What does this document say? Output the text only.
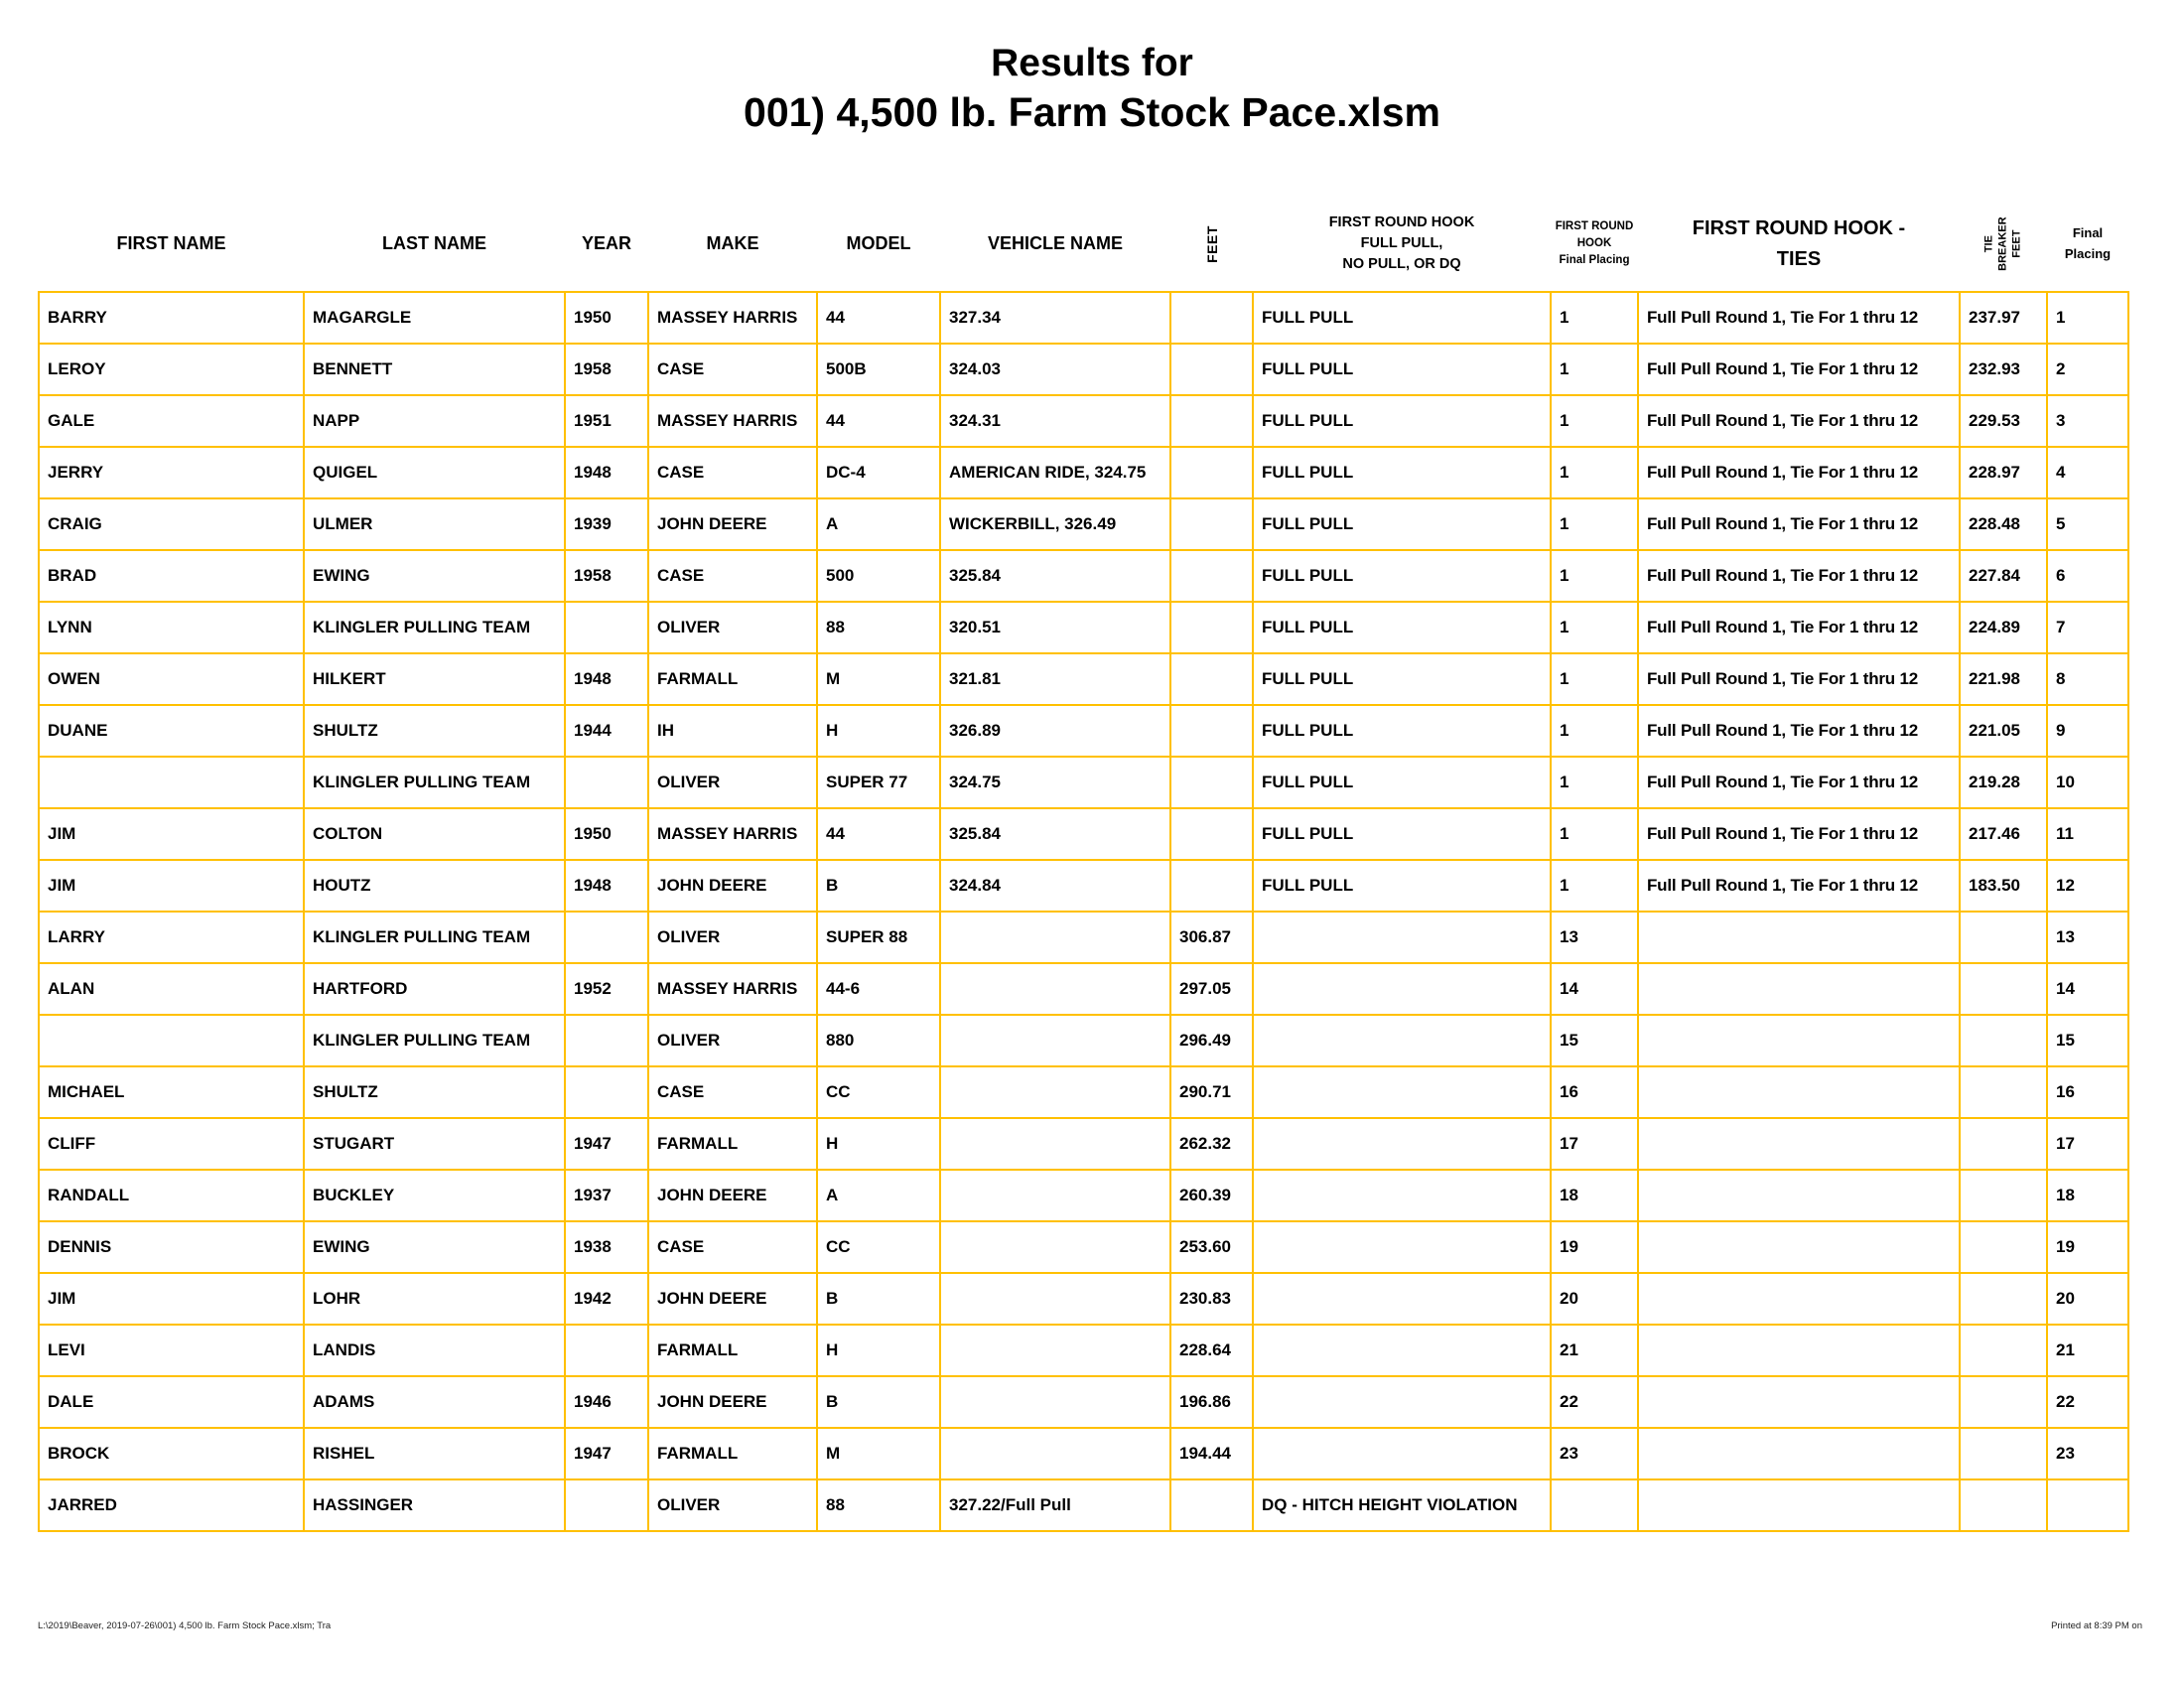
Results for
001) 4,500 lb. Farm Stock Pace.xlsm
FIRST NAME	LAST NAME	YEAR	MAKE	MODEL	VEHICLE NAME	FEET	FIRST ROUND HOOK
FULL PULL,
NO PULL, OR DQ	FIRST ROUND
HOOK
Final Placing	FIRST ROUND HOOK -
TIES	TIE BREAKER FEET	Final
Placing

BARRY	MAGARGLE	1950	MASSEY HARRIS	44	327.34		FULL PULL	1	Full Pull Round 1, Tie For 1 thru 12	237.97	1
LEROY	BENNETT	1958	CASE	500B	324.03		FULL PULL	1	Full Pull Round 1, Tie For 1 thru 12	232.93	2
GALE	NAPP	1951	MASSEY HARRIS	44	324.31		FULL PULL	1	Full Pull Round 1, Tie For 1 thru 12	229.53	3
JERRY	QUIGEL	1948	CASE	DC-4	AMERICAN RIDE, 324.75		FULL PULL	1	Full Pull Round 1, Tie For 1 thru 12	228.97	4
CRAIG	ULMER	1939	JOHN DEERE	A	WICKERBILL, 326.49		FULL PULL	1	Full Pull Round 1, Tie For 1 thru 12	228.48	5
BRAD	EWING	1958	CASE	500	325.84		FULL PULL	1	Full Pull Round 1, Tie For 1 thru 12	227.84	6
LYNN	KLINGLER PULLING TEAM		OLIVER	88	320.51		FULL PULL	1	Full Pull Round 1, Tie For 1 thru 12	224.89	7
OWEN	HILKERT	1948	FARMALL	M	321.81		FULL PULL	1	Full Pull Round 1, Tie For 1 thru 12	221.98	8
DUANE	SHULTZ	1944	IH	H	326.89		FULL PULL	1	Full Pull Round 1, Tie For 1 thru 12	221.05	9
	KLINGLER PULLING TEAM		OLIVER	SUPER 77	324.75		FULL PULL	1	Full Pull Round 1, Tie For 1 thru 12	219.28	10
JIM	COLTON	1950	MASSEY HARRIS	44	325.84		FULL PULL	1	Full Pull Round 1, Tie For 1 thru 12	217.46	11
JIM	HOUTZ	1948	JOHN DEERE	B	324.84		FULL PULL	1	Full Pull Round 1, Tie For 1 thru 12	183.50	12
LARRY	KLINGLER PULLING TEAM		OLIVER	SUPER 88		306.87		13			13
ALAN	HARTFORD	1952	MASSEY HARRIS	44-6		297.05		14			14
	KLINGLER PULLING TEAM		OLIVER	880		296.49		15			15
MICHAEL	SHULTZ		CASE	CC		290.71		16			16
CLIFF	STUGART	1947	FARMALL	H		262.32		17			17
RANDALL	BUCKLEY	1937	JOHN DEERE	A		260.39		18			18
DENNIS	EWING	1938	CASE	CC		253.60		19			19
JIM	LOHR	1942	JOHN DEERE	B		230.83		20			20
LEVI	LANDIS		FARMALL	H		228.64		21			21
DALE	ADAMS	1946	JOHN DEERE	B		196.86		22			22
BROCK	RISHEL	1947	FARMALL	M		194.44		23			23
JARRED	HASSINGER		OLIVER	88	327.22/Full Pull		DQ - HITCH HEIGHT VIOLATION				
L:\2019\Beaver, 2019-07-26\001) 4,500 lb. Farm Stock Pace.xlsm; Tra	Printed at 8:39 PM on
